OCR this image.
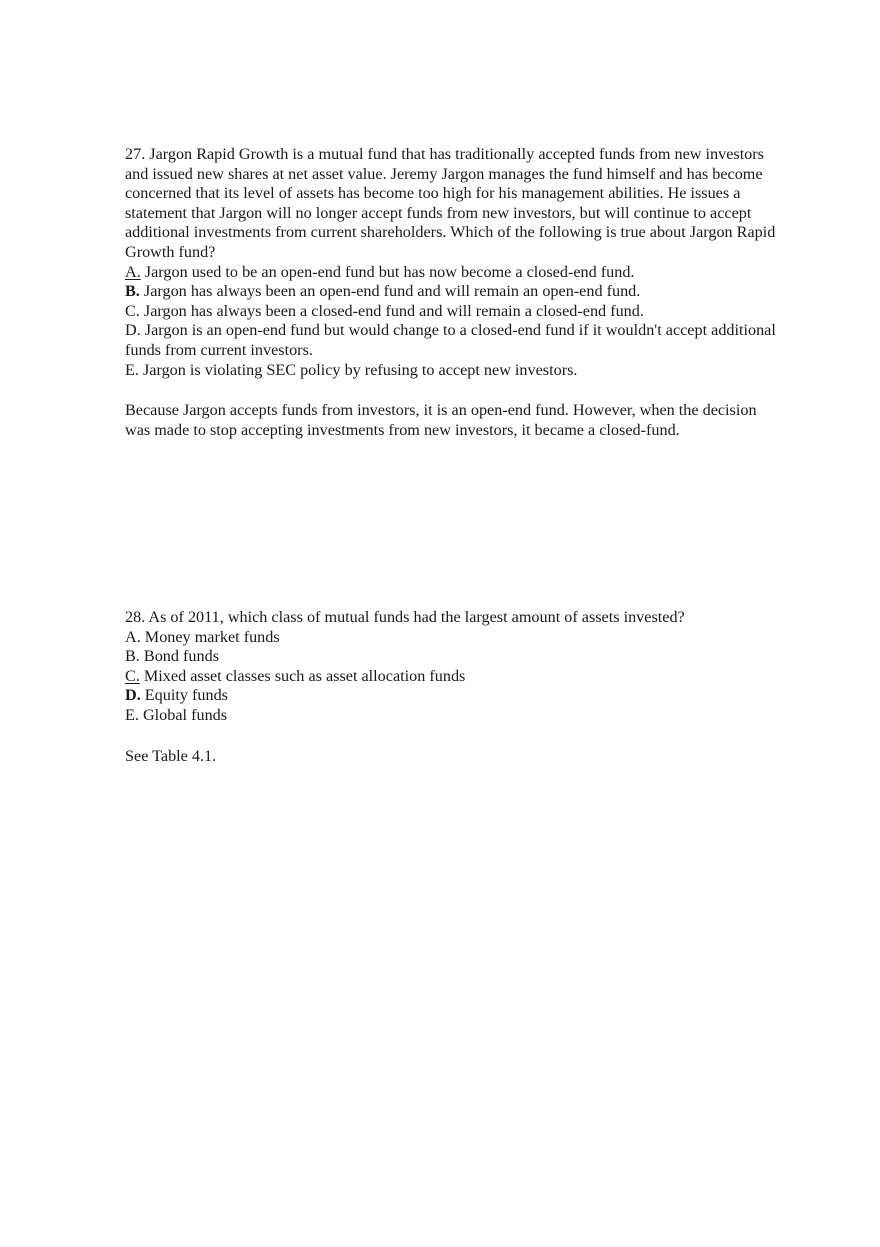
27. Jargon Rapid Growth is a mutual fund that has traditionally accepted funds from new investors and issued new shares at net asset value. Jeremy Jargon manages the fund himself and has become concerned that its level of assets has become too high for his management abilities. He issues a statement that Jargon will no longer accept funds from new investors, but will continue to accept additional investments from current shareholders. Which of the following is true about Jargon Rapid Growth fund?

A. Jargon used to be an open-end fund but has now become a closed-end fund.
B. Jargon has always been an open-end fund and will remain an open-end fund.
C. Jargon has always been a closed-end fund and will remain a closed-end fund.
D. Jargon is an open-end fund but would change to a closed-end fund if it wouldn't accept additional funds from current investors.
E. Jargon is violating SEC policy by refusing to accept new investors.

Because Jargon accepts funds from investors, it is an open-end fund. However, when the decision was made to stop accepting investments from new investors, it became a closed-fund.

28. As of 2011, which class of mutual funds had the largest amount of assets invested?

A. Money market funds
B. Bond funds
C. Mixed asset classes such as asset allocation funds
D. Equity funds
E. Global funds

See Table 4.1.
